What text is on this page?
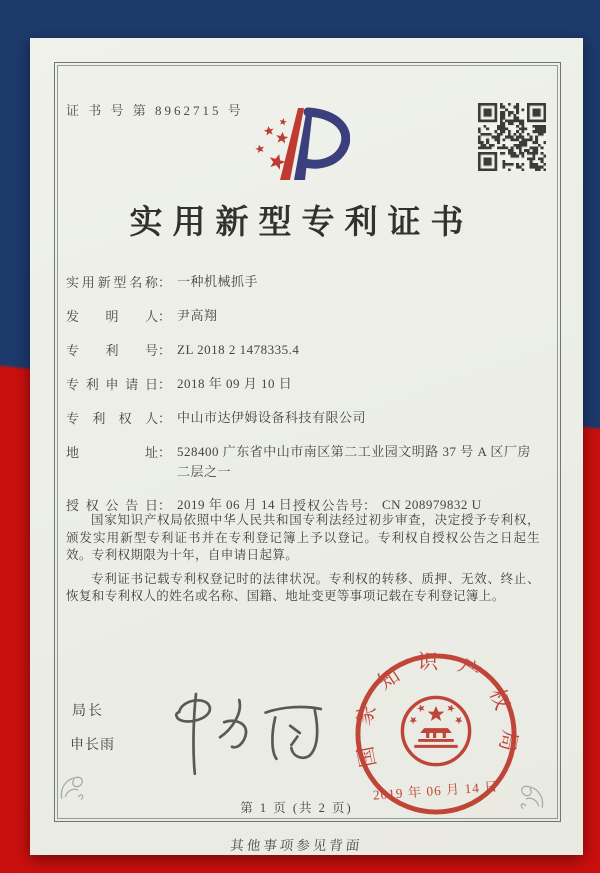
证 书 号 第 8962715 号
实用新型专利证书
实用新型名称 ： 一种机械抓手
发明人 ： 尹高翔
专利号 ： ZL 2018 2 1478335.4
专利申请日 ： 2018 年 09 月 10 日
专利权人 ： 中山市达伊姆设备科技有限公司
地址 ： 528400 广东省中山市南区第二工业园文明路 37 号 A 区厂房二层之一
授权公告日 ： 2019 年 06 月 14 日 授权公告号 ： CN 208979832 U

国家知识产权局依照中华人民共和国专利法经过初步审查，决定授予专利权，颁发实用新型专利证书并在专利登记簿上予以登记。专利权自授权公告之日起生效。专利权期限为十年，自申请日起算。

专利证书记载专利权登记时的法律状况。专利权的转移、质押、无效、终止、恢复和专利权人的姓名或名称、国籍、地址变更等事项记载在专利登记簿上。

局长
申长雨	国家知识产权局
2019 年 06 月 14 日
第 1 页 (共 2 页)
其他事项参见背面
